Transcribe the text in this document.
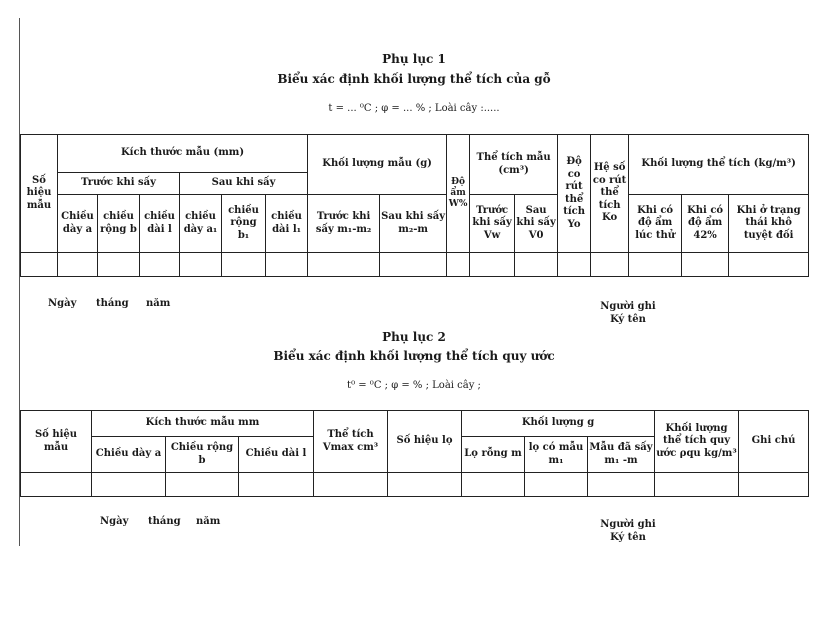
Phụ lục 1
Biểu xác định khối lượng thể tích của gỗ
t = ... ⁰C ; φ = ... % ; Loài cây :.....
Số hiệu mẫu	Kích thước mẫu (mm)						Khối lượng mẫu (g)		Độ ẩm W%	Thể tích mẫu (cm³)		Độ co rút thể tích Yo	Hệ số co rút thể tích Ko	Khối lượng thể tích (kg/m³)		
	Trước khi sấy			Sau khi sấy												
	Chiều dày a	chiều rộng b	chiều dài l	chiều dày a₁	chiều rộng b₁	chiều dài l₁	Trước khi sấy m₁-m₂	Sau khi sấy m₂-m		Trước khi sấy Vw	Sau khi sấy V0			Khi có độ ẩm lúc thử	Khi có độ ẩm 42%	Khi ở trạng thái khô tuyệt đối

Ngày tháng năm	Người ghi
Ký tên
Phụ lục 2
Biểu xác định khối lượng thể tích quy ước
t⁰ = ⁰C ; φ = % ; Loài cây ;
Số hiệu mẫu	Kích thước mẫu mm			Thể tích Vmax cm³	Số hiệu lọ	Khối lượng g			Khối lượng thể tích quy ước ρqu kg/m³	Ghi chú
	Chiều dày a	Chiều rộng b	Chiều dài l			Lọ rỗng m	lọ có mẫu m₁	Mẫu đã sấy m₁ -m		

Ngày tháng năm	Người ghi
Ký tên
